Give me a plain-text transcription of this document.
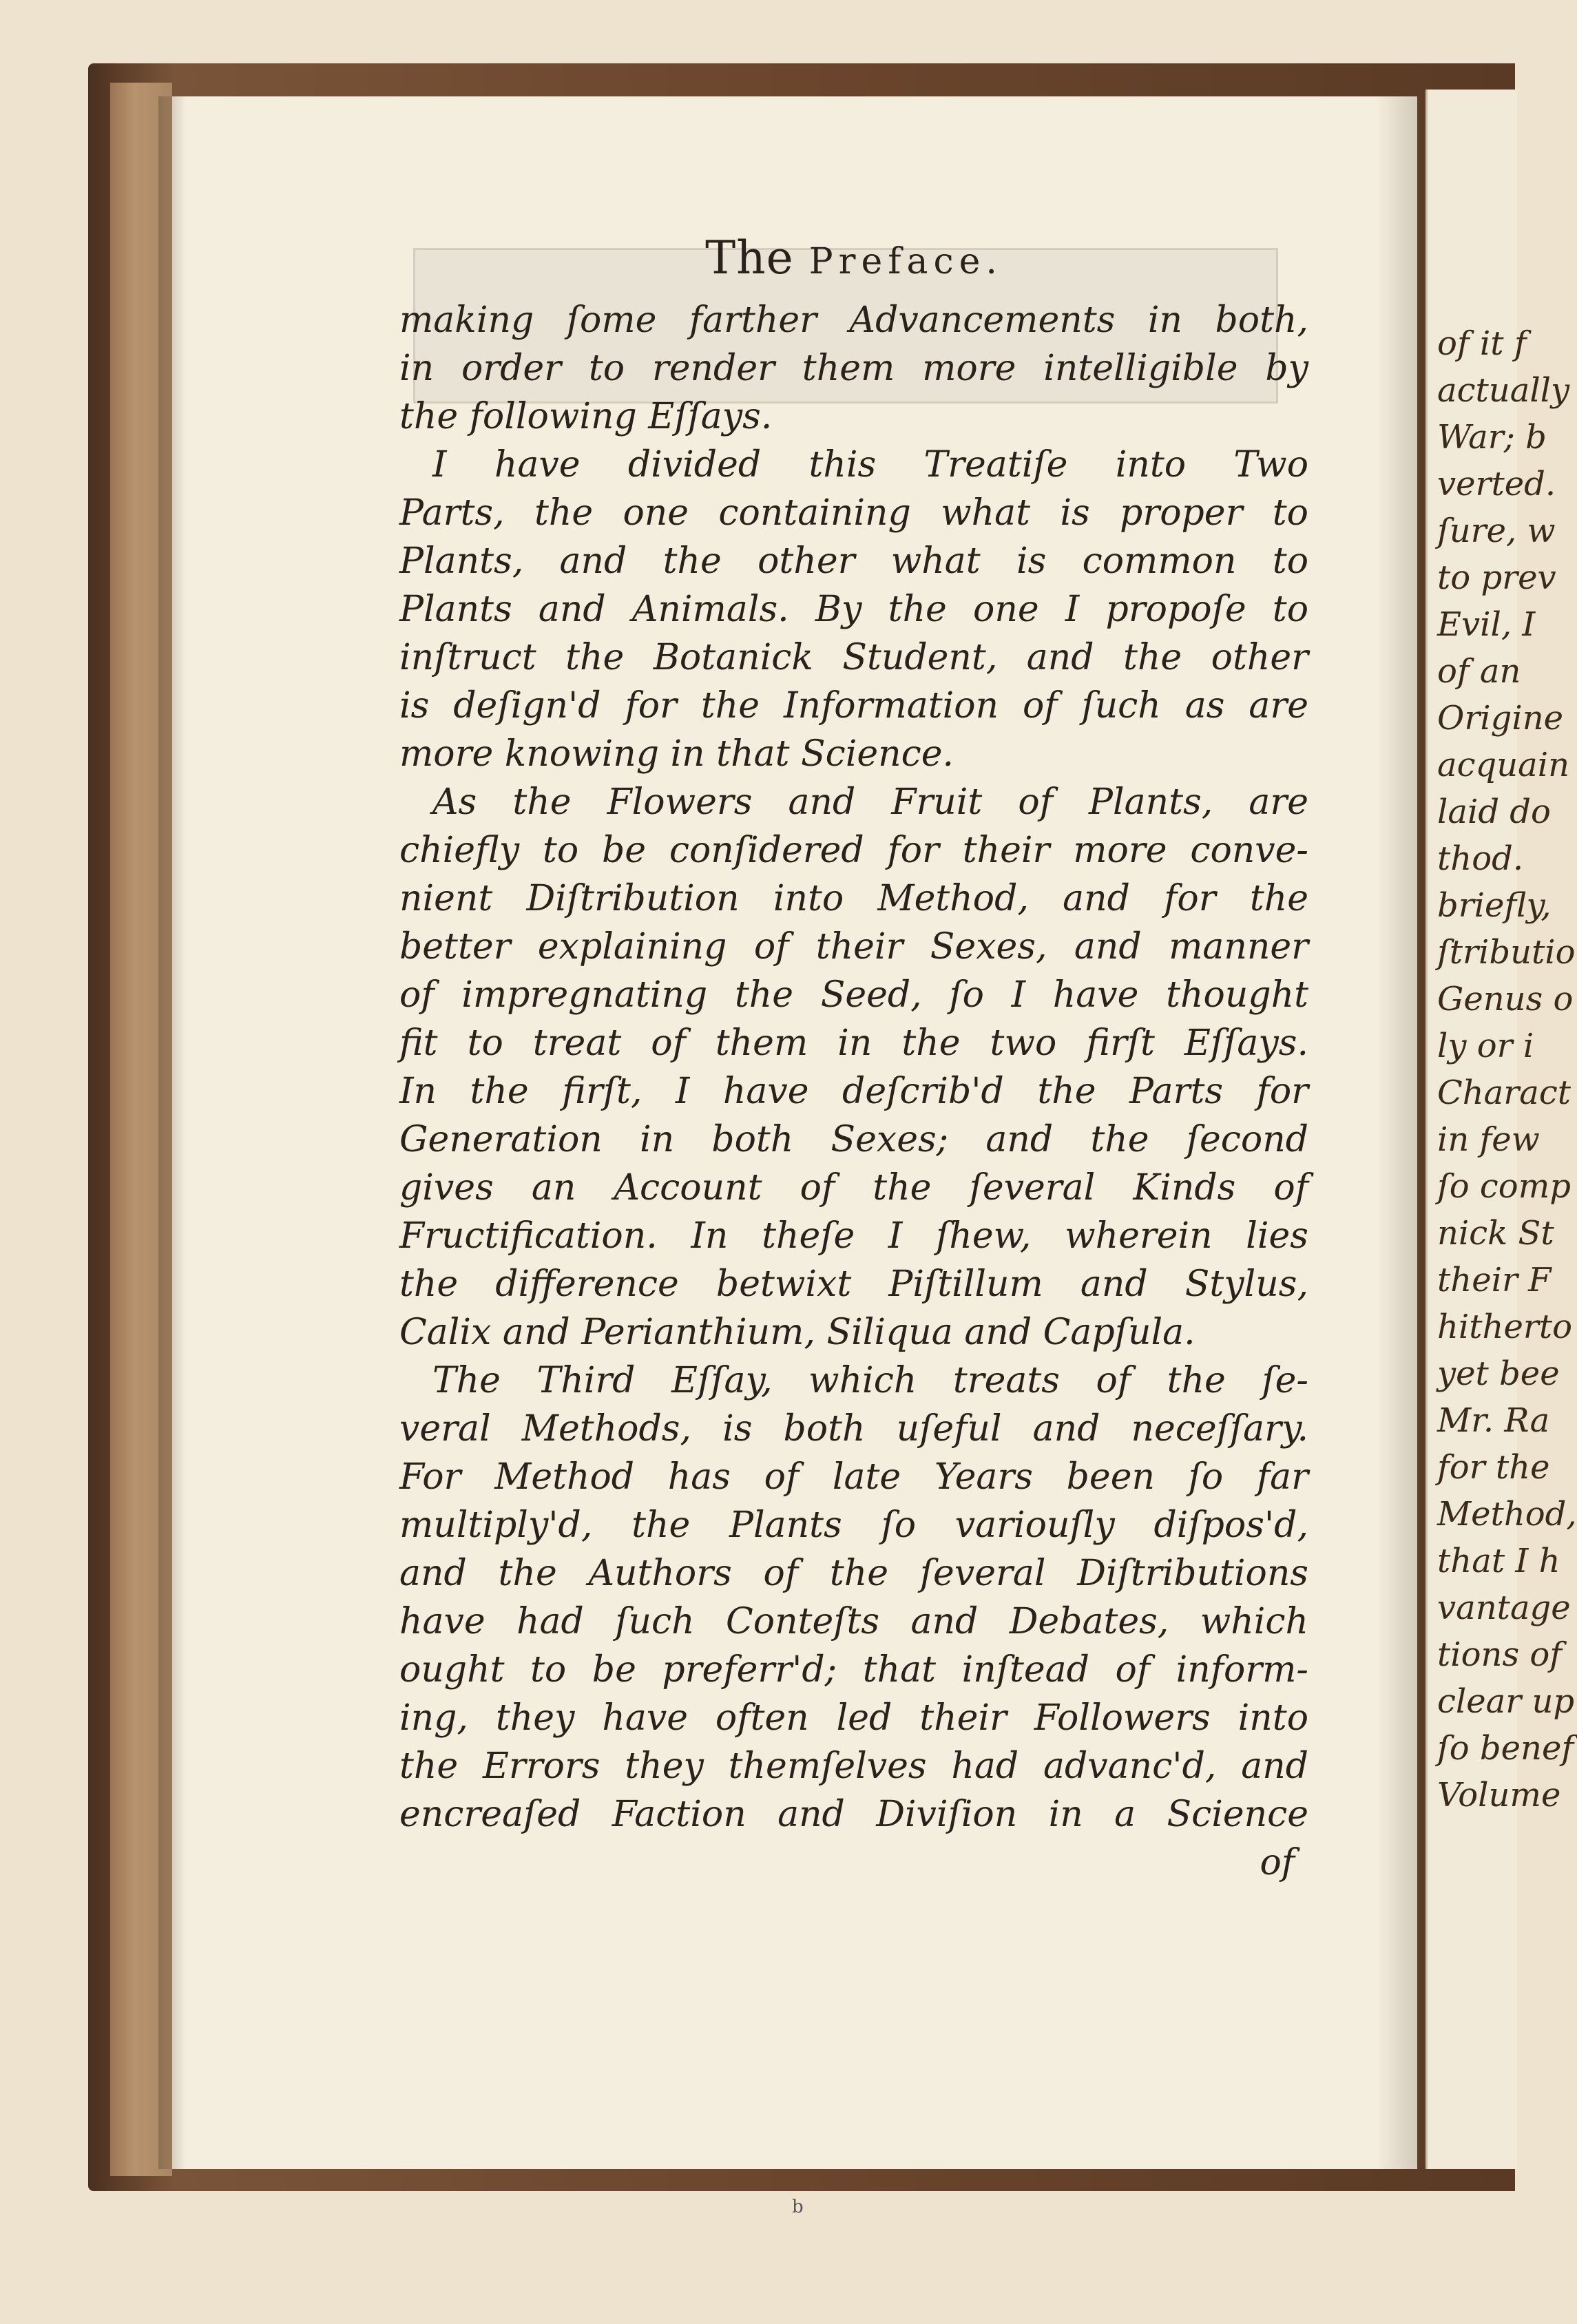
of it f
actually
War; b
verted.
ſure, w
to prev
Evil, I
of an
Origine
acquain
laid do
thod.
briefly,
ſtributio
Genus o
ly or i
Charact
in few
ſo comp
nick St
their F
hitherto
yet bee
Mr. Ra
for the
Method,
that I h
vantage
tions of
clear up
ſo benef
Volume
The Preface.
making ſome farther Advancements in both,
in order to render them more intelligible by
the following Eſſays.
I have divided this Treatiſe into Two
Parts, the one containing what is proper to
Plants, and the other what is common to
Plants and Animals. By the one I propoſe to
inſtruct the Botanick Student, and the other
is deſign'd for the Information of ſuch as are
more knowing in that Science.
As the Flowers and Fruit of Plants, are
chiefly to be conſidered for their more conve-
nient Diſtribution into Method, and for the
better explaining of their Sexes, and manner
of impregnating the Seed, ſo I have thought
fit to treat of them in the two firſt Eſſays.
In the firſt, I have deſcrib'd the Parts for
Generation in both Sexes; and the ſecond
gives an Account of the ſeveral Kinds of
Fructification. In theſe I ſhew, wherein lies
the difference betwixt Piſtillum and Stylus,
Calix and Perianthium, Siliqua and Capſula.
The Third Eſſay, which treats of the ſe-
veral Methods, is both uſeful and neceſſary.
For Method has of late Years been ſo far
multiply'd, the Plants ſo variouſly diſpos'd,
and the Authors of the ſeveral Diſtributions
have had ſuch Conteſts and Debates, which
ought to be preferr'd; that inſtead of inform-
ing, they have often led their Followers into
the Errors they themſelves had advanc'd, and
encreaſed Faction and Diviſion in a Science
of
b
